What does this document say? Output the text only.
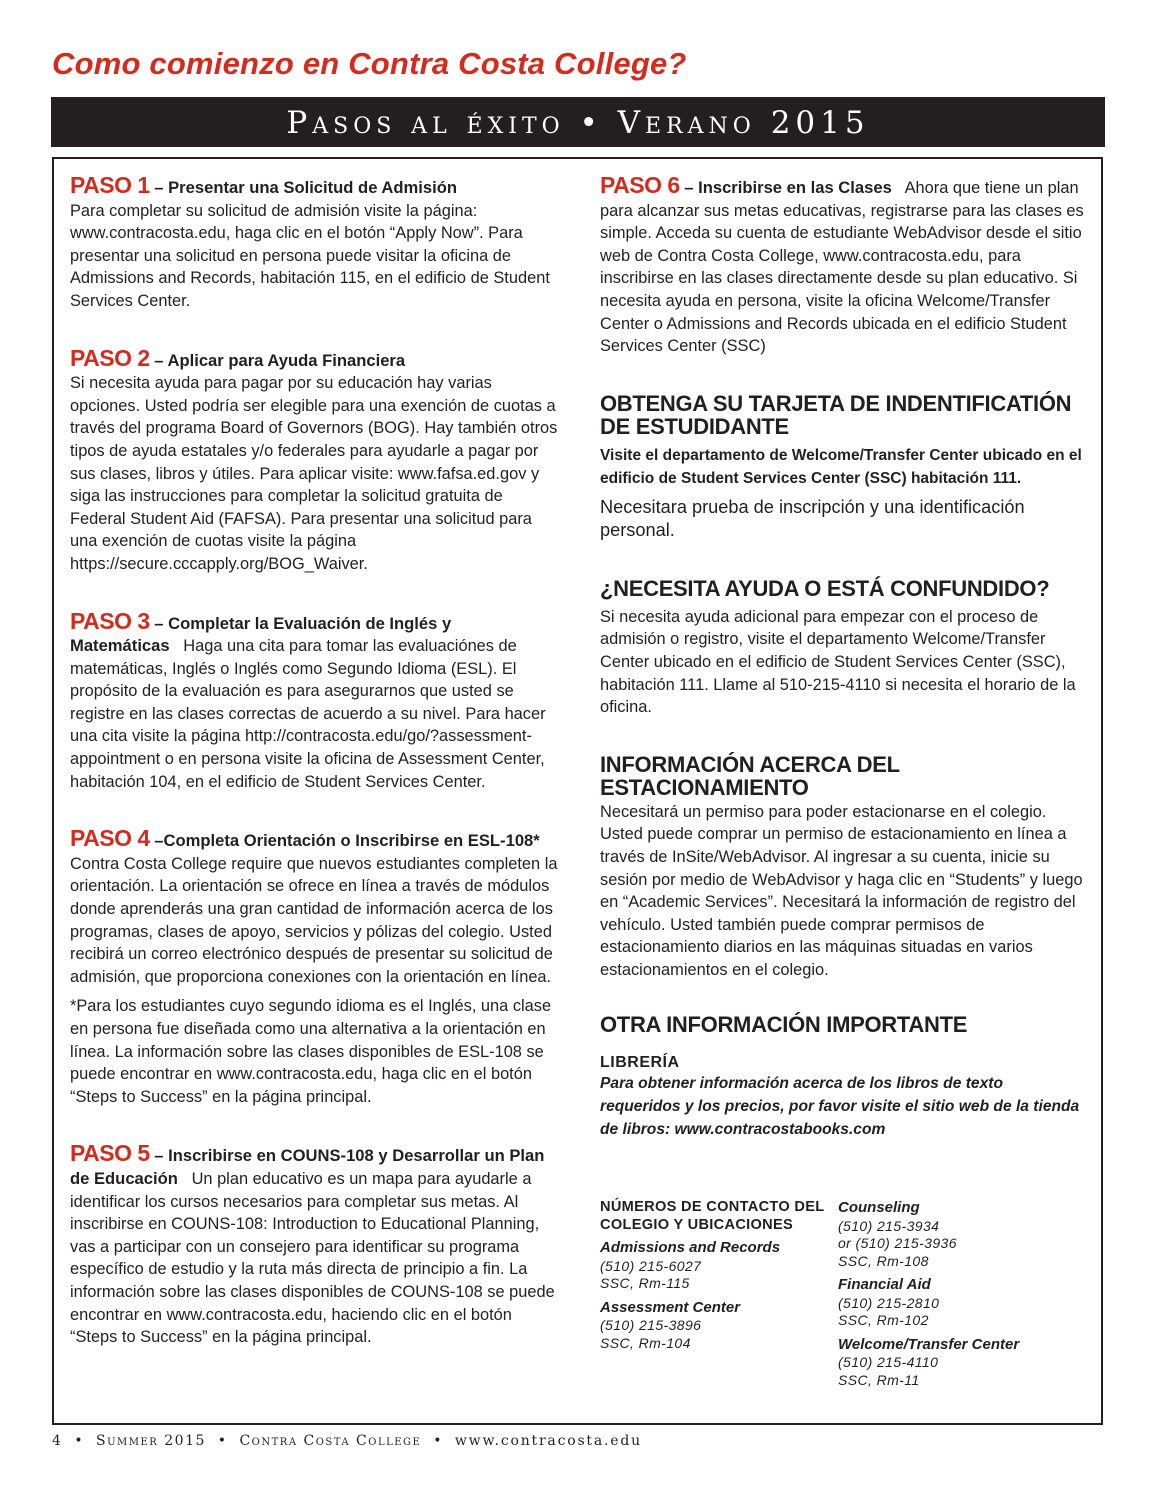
Como comienzo en Contra Costa College?
Pasos al éxito • Verano 2015

PASO 1 – Presentar una Solicitud de Admisión

Para completar su solicitud de admisión visite la página: www.contracosta.edu, haga clic en el botón “Apply Now”. Para presentar una solicitud en persona puede visitar la oficina de Admissions and Records, habitación 115, en el edificio de Student Services Center.

PASO 2 – Aplicar para Ayuda Financiera

Si necesita ayuda para pagar por su educación hay varias opciones. Usted podría ser elegible para una exención de cuotas a través del programa Board of Governors (BOG). Hay también otros tipos de ayuda estatales y/o federales para ayudarle a pagar por sus clases, libros y útiles. Para aplicar visite: www.fafsa.ed.gov y siga las instrucciones para completar la solicitud gratuita de Federal Student Aid (FAFSA). Para presentar una solicitud para una exención de cuotas visite la página https://secure.cccapply.org/BOG_Waiver.

PASO 3 – Completar la Evaluación de Inglés y Matemáticas Haga una cita para tomar las evaluaciónes de matemáticas, Inglés o Inglés como Segundo Idioma (ESL). El propósito de la evaluación es para asegurarnos que usted se registre en las clases correctas de acuerdo a su nivel. Para hacer una cita visite la página http://contracosta.edu/go/?assessment-appointment o en persona visite la oficina de Assessment Center, habitación 104, en el edificio de Student Services Center.

PASO 4 –Completa Orientación o Inscribirse en ESL-108*

Contra Costa College require que nuevos estudiantes completen la orientación. La orientación se ofrece en línea a través de módulos donde aprenderás una gran cantidad de información acerca de los programas, clases de apoyo, servicios y pólizas del colegio. Usted recibirá un correo electrónico después de presentar su solicitud de admisión, que proporciona conexiones con la orientación en línea.

*Para los estudiantes cuyo segundo idioma es el Inglés, una clase en persona fue diseñada como una alternativa a la orientación en línea. La información sobre las clases disponibles de ESL-108 se puede encontrar en www.contracosta.edu, haga clic en el botón “Steps to Success” en la página principal.

PASO 5 – Inscribirse en COUNS-108 y Desarrollar un Plan de Educación Un plan educativo es un mapa para ayudarle a identificar los cursos necesarios para completar sus metas. Al inscribirse en COUNS-108: Introduction to Educational Planning, vas a participar con un consejero para identificar su programa específico de estudio y la ruta más directa de principio a fin. La información sobre las clases disponibles de COUNS-108 se puede encontrar en www.contracosta.edu, haciendo clic en el botón “Steps to Success” en la página principal.

PASO 6 – Inscribirse en las Clases Ahora que tiene un plan para alcanzar sus metas educativas, registrarse para las clases es simple. Acceda su cuenta de estudiante WebAdvisor desde el sitio web de Contra Costa College, www.contracosta.edu, para inscribirse en las clases directamente desde su plan educativo. Si necesita ayuda en persona, visite la oficina Welcome/Transfer Center o Admissions and Records ubicada en el edificio Student Services Center (SSC)

OBTENGA SU TARJETA DE INDENTIFICATIÓN DE ESTUDIDANTE

Visite el departamento de Welcome/Transfer Center ubicado en el edificio de Student Services Center (SSC) habitación 111.

Necesitara prueba de inscripción y una identificación personal.

¿NECESITA AYUDA O ESTÁ CONFUNDIDO?

Si necesita ayuda adicional para empezar con el proceso de admisión o registro, visite el departamento Welcome/Transfer Center ubicado en el edificio de Student Services Center (SSC), habitación 111. Llame al 510-215-4110 si necesita el horario de la oficina.

INFORMACIÓN ACERCA DEL ESTACIONAMIENTO

Necesitará un permiso para poder estacionarse en el colegio. Usted puede comprar un permiso de estacionamiento en línea a través de InSite/WebAdvisor. Al ingresar a su cuenta, inicie su sesión por medio de WebAdvisor y haga clic en “Students” y luego en “Academic Services”. Necesitará la información de registro del vehículo. Usted también puede comprar permisos de estacionamiento diarios en las máquinas situadas en varios estacionamientos en el colegio.

OTRA INFORMACIÓN IMPORTANTE
LIBRERÍA

Para obtener información acerca de los libros de texto requeridos y los precios, por favor visite el sitio web de la tienda de libros: www.contracostabooks.com

NÚMEROS DE CONTACTO DEL COLEGIO Y UBICACIONES

Admissions and Records

(510) 215-6027

SSC, Rm-115

Assessment Center

(510) 215-3896

SSC, Rm-104

Counseling

(510) 215-3934

or (510) 215-3936

SSC, Rm-108

Financial Aid

(510) 215-2810

SSC, Rm-102

Welcome/Transfer Center

(510) 215-4110

SSC, Rm-11

4  •  Summer 2015  •  Contra Costa College  •  www.contracosta.edu
